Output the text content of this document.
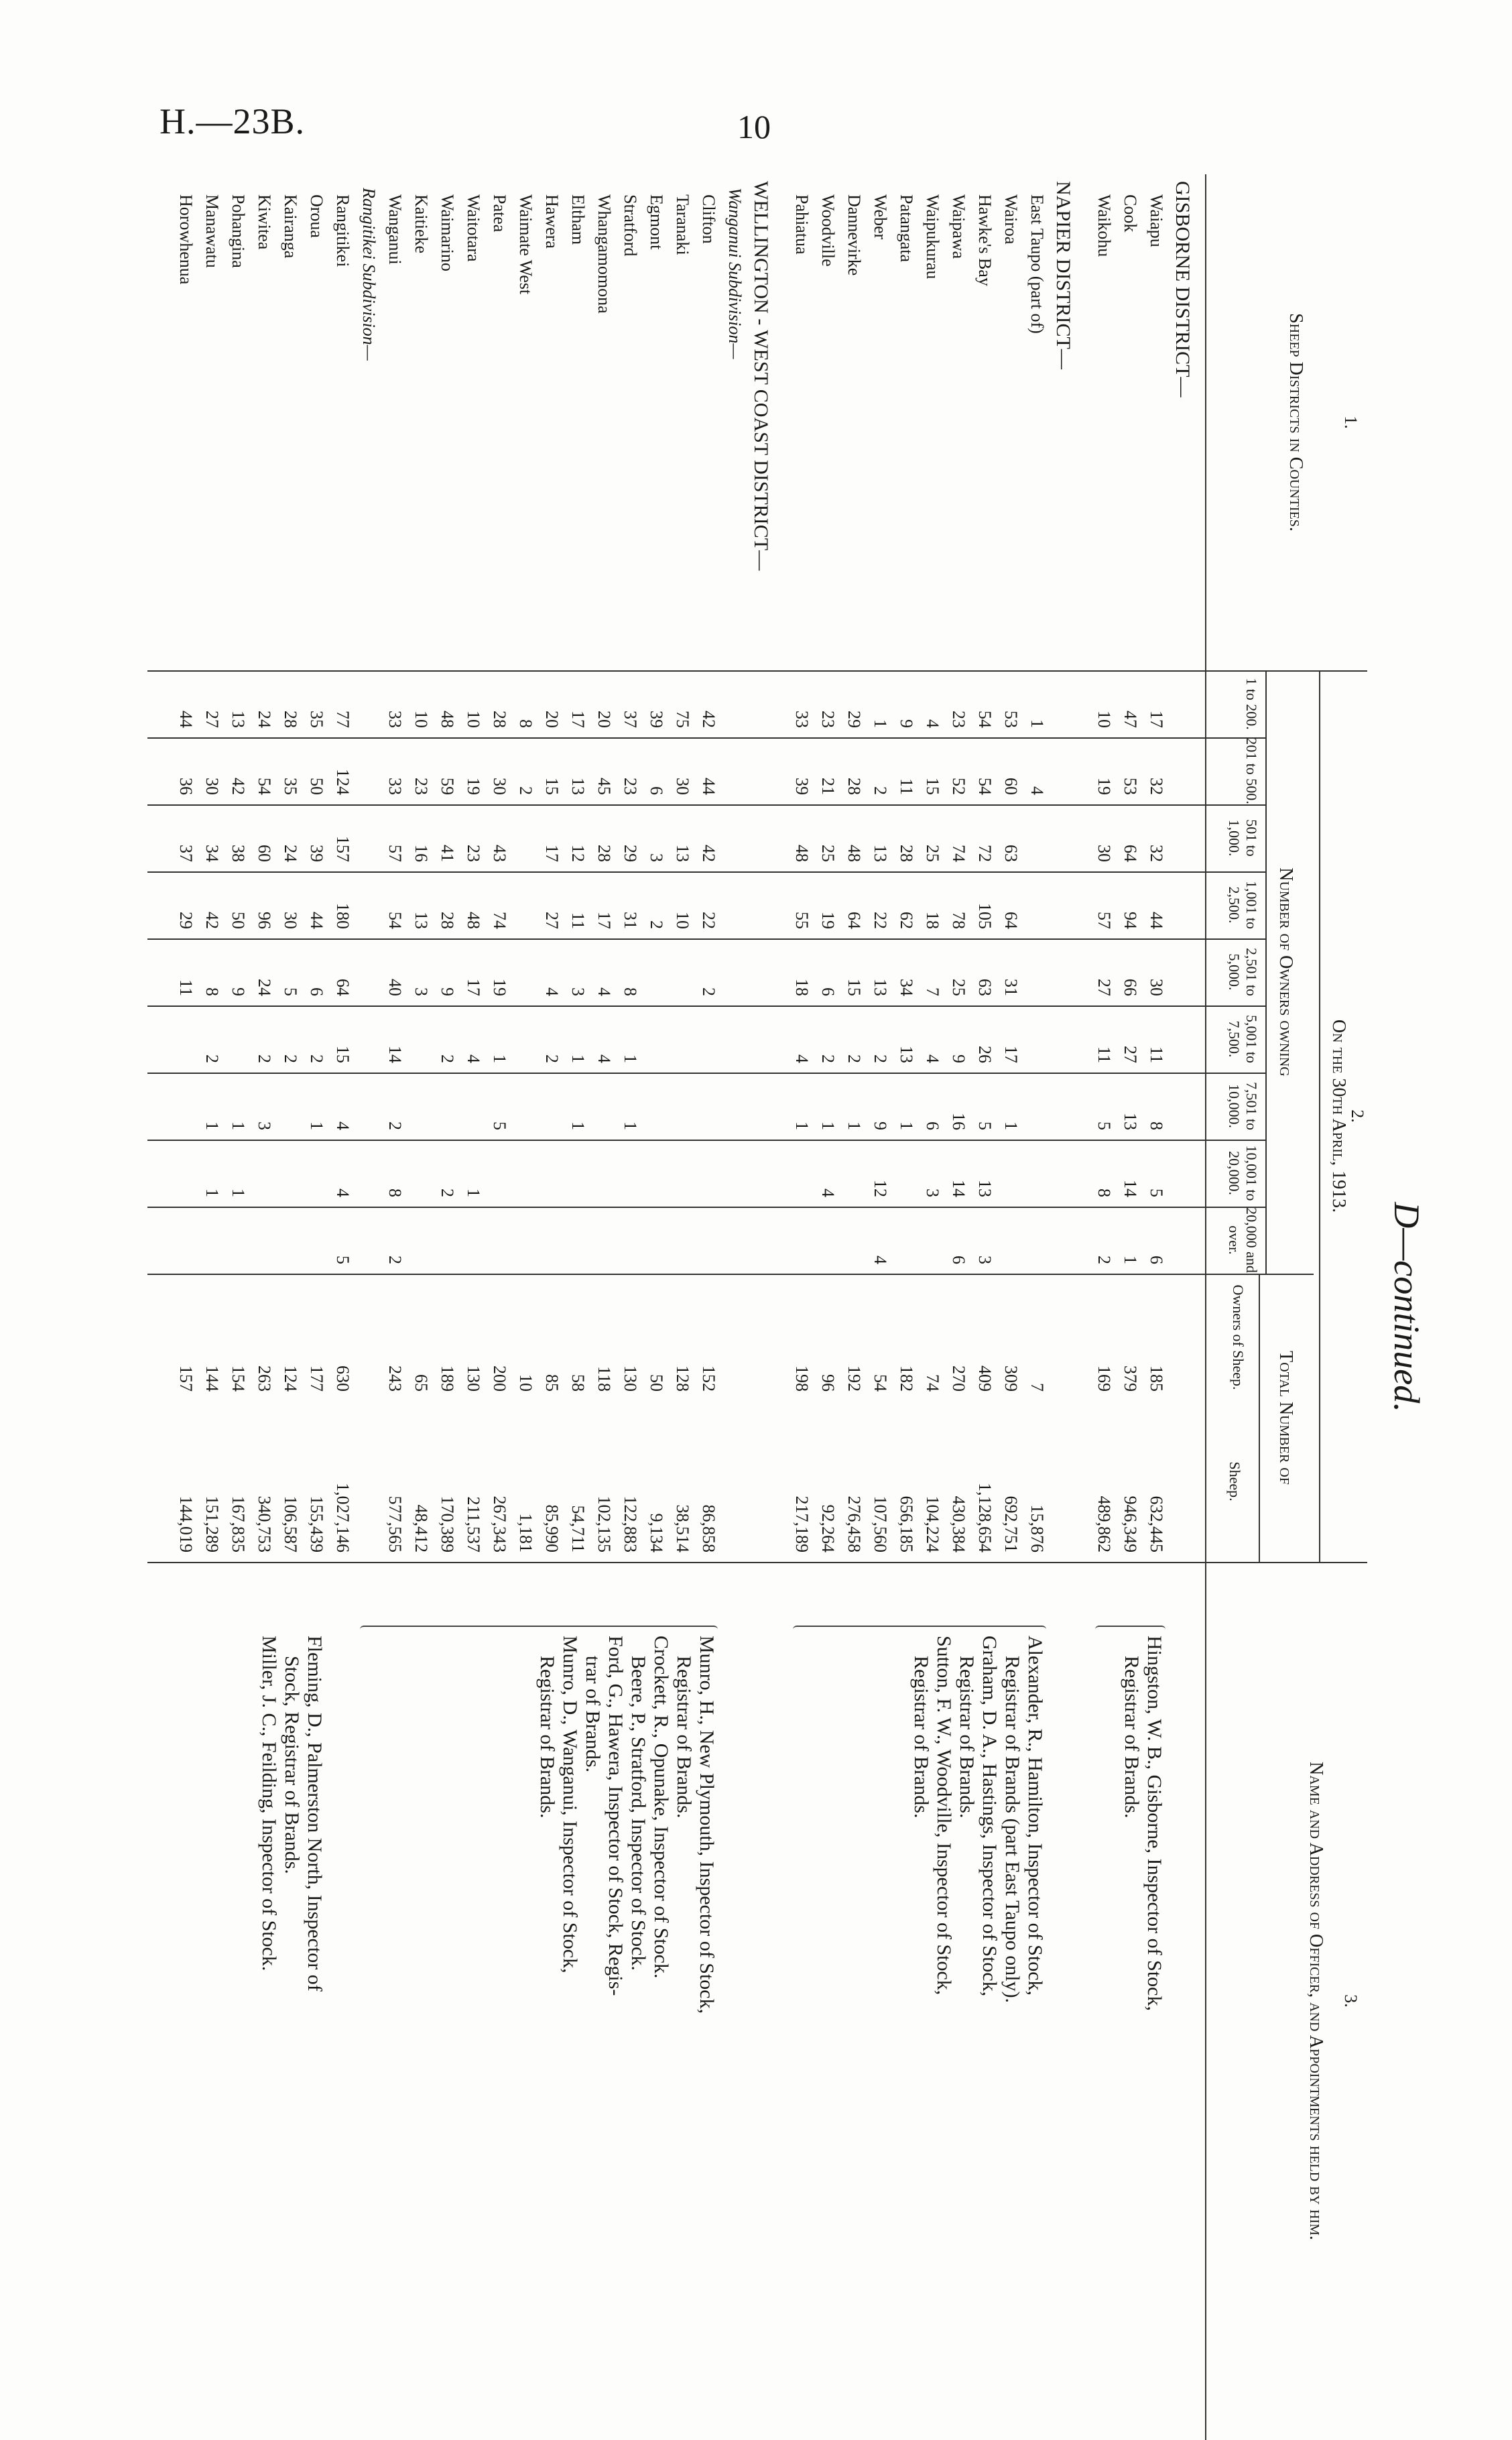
H.—23B.	10
D—continued.
1.
Sheep Districts in Counties.
2.
On the 30th April, 1913.
Number of Owners owning
Total Number of
Owners of Sheep.
Sheep.
3.
Name and Address of Officer, and Appointments held by him.
1 to 200.
201 to 500.
501 to 1,000.
1,001 to 2,500.
2,501 to 5,000.
5,001 to 7,500.
7,501 to 10,000.
10,001 to 20,000.
20,000 and over.
GISBORNE DISTRICT—
Waiapu
17
32
32
44
30
11
8
5
6
185
632,445
Cook
47
53
64
94
66
27
13
14
1
379
946,349
Waikohu
10
19
30
57
27
11
5
8
2
169
489,862
NAPIER DISTRICT—
East Taupo (part of)
1
4
7
15,876
Wairoa
53
60
63
64
31
17
1
309
692,751
Hawke's Bay
54
54
72
105
63
26
5
13
3
409
1,128,654
Waipawa
23
52
74
78
25
9
16
14
6
270
430,384
Waipukurau
4
15
25
18
7
4
6
3
74
104,224
Patangata
9
11
28
62
34
13
1
182
656,185
Weber
1
2
13
22
13
2
9
12
4
54
107,560
Dannevirke
29
28
48
64
15
2
1
192
276,458
Woodville
23
21
25
19
6
2
1
4
96
92,264
Pahiatua
33
39
48
55
18
4
1
198
217,189
WELLINGTON - WEST COAST DISTRICT—
Wanganui Subdivision—
Clifton
42
44
42
22
2
152
86,858
Taranaki
75
30
13
10
128
38,514
Egmont
39
6
3
2
50
9,134
Stratford
37
23
29
31
8
1
1
130
122,883
Whangamomona
20
45
28
17
4
4
118
102,135
Eltham
17
13
12
11
3
1
1
58
54,711
Hawera
20
15
17
27
4
2
85
85,990
Waimate West
8
2
10
1,181
Patea
28
30
43
74
19
1
5
200
267,343
Waitotara
10
19
23
48
17
4
1
130
211,537
Waimarino
48
59
41
28
9
2
2
189
170,389
Kaitieke
10
23
16
13
3
65
48,412
Wanganui
33
33
57
54
40
14
2
8
2
243
577,565
Rangitikei Subdivision—
Rangitikei
77
124
157
180
64
15
4
4
5
630
1,027,146
Oroua
35
50
39
44
6
2
1
177
155,439
Kairanga
28
35
24
30
5
2
124
106,587
Kiwitea
24
54
60
96
24
2
3
263
340,753
Pohangina
13
42
38
50
9
1
1
154
167,835
Manawatu
27
30
34
42
8
2
1
1
144
151,289
Horowhenua
44
36
37
29
11
157
144,019
Hingston, W. B., Gisborne, Inspector of Stock,
Registrar of Brands.
Alexander, R., Hamilton, Inspector of Stock,
Registrar of Brands (part East Taupo only).
Graham, D. A., Hastings, Inspector of Stock,
Registrar of Brands.
Sutton, F. W., Woodville, Inspector of Stock,
Registrar of Brands.
Munro, H., New Plymouth, Inspector of Stock,
Registrar of Brands.
Crockett, R., Opunake, Inspector of Stock.
Beere, P., Stratford, Inspector of Stock.
Ford, G., Hawera, Inspector of Stock, Regis-
trar of Brands.
Munro, D., Wanganui, Inspector of Stock,
Registrar of Brands.
Fleming, D., Palmerston North, Inspector of
Stock, Registrar of Brands.
Miller, J. C., Feilding, Inspector of Stock.
